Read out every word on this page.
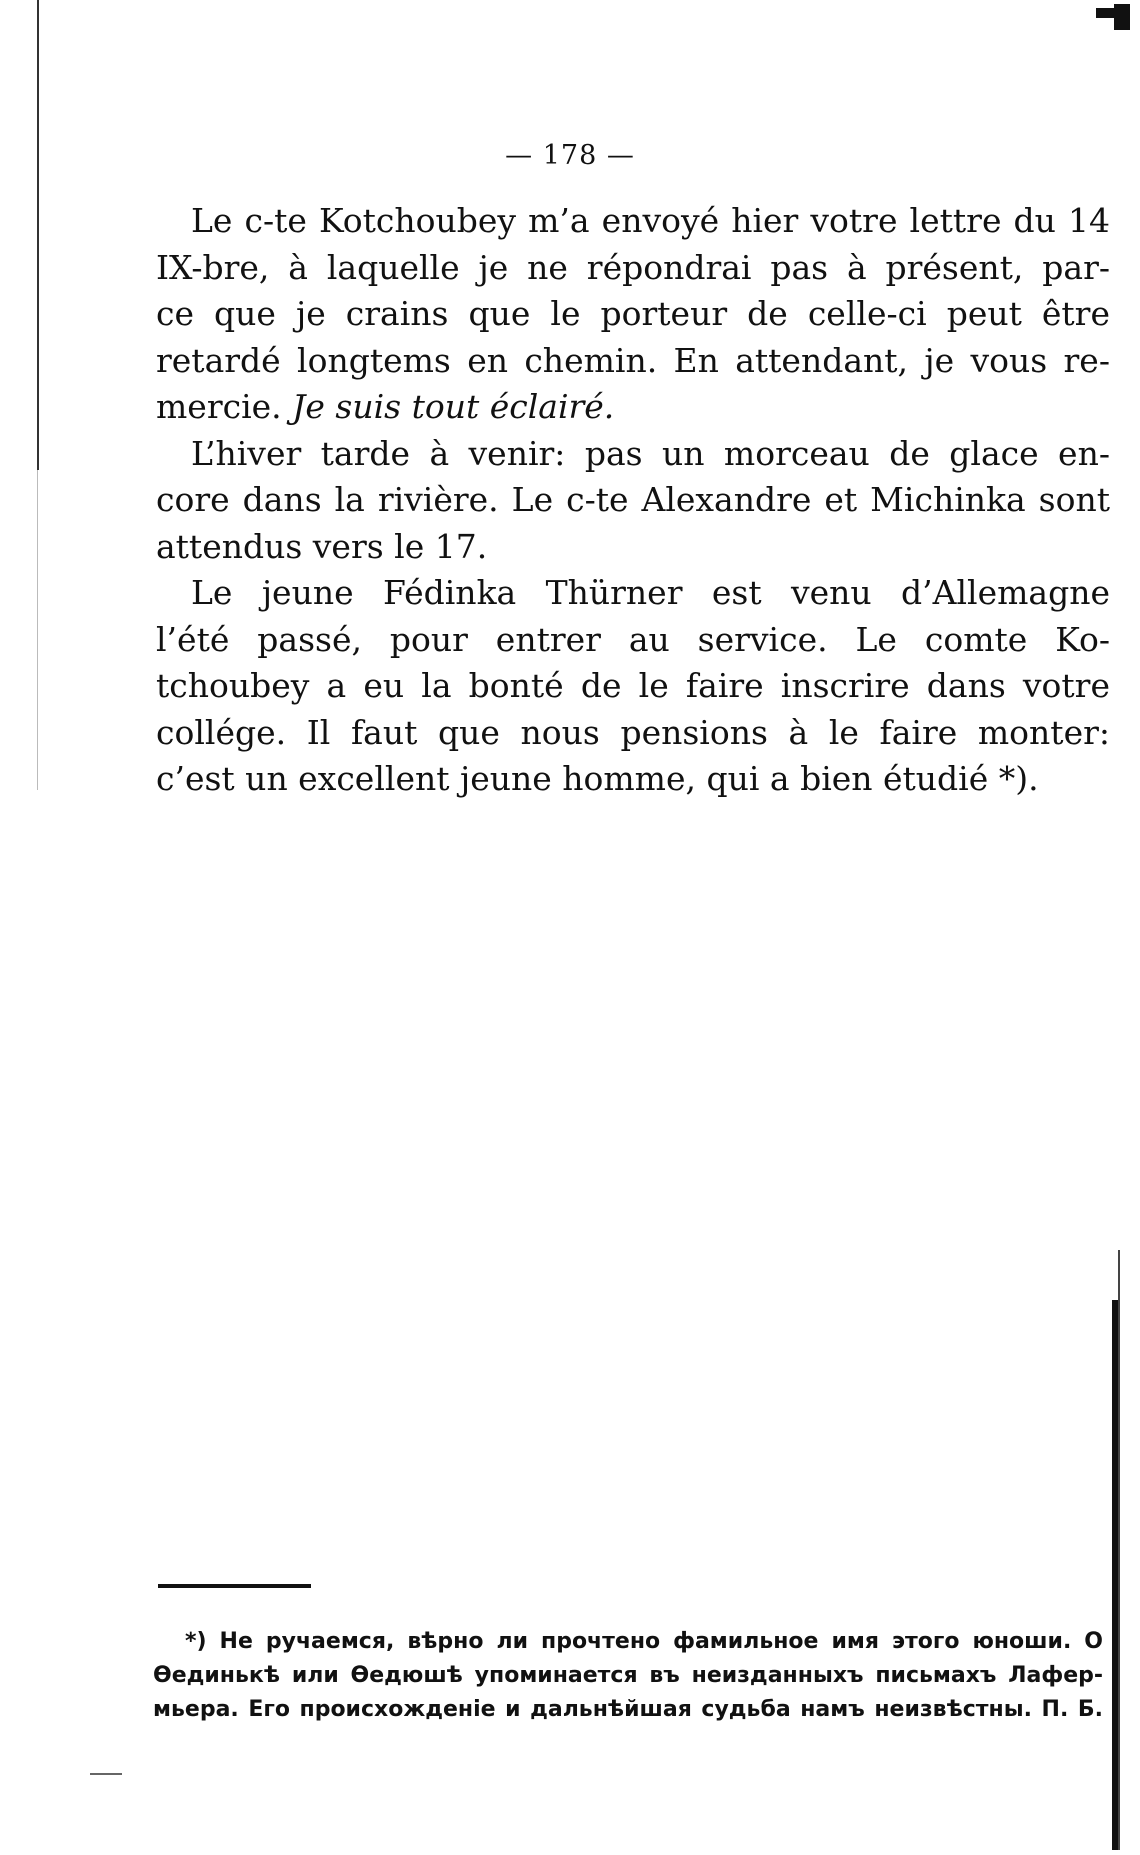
— 178 —
Le c-te Kotchoubey m’a envoyé hier votre lettre du 14
IX-bre, à laquelle je ne répondrai pas à présent, par-
ce que je crains que le porteur de celle-ci peut être
retardé longtems en chemin. En attendant, je vous re-
mercie. Je suis tout éclairé.
L’hiver tarde à venir: pas un morceau de glace en-
core dans la rivière. Le c-te Alexandre et Michinka sont
attendus vers le 17.
Le jeune Fédinka Thürner est venu d’Allemagne
l’été passé, pour entrer au service. Le comte Ko-
tchoubey a eu la bonté de le faire inscrire dans votre
collége. Il faut que nous pensions à le faire monter:
c’est un excellent jeune homme, qui a bien étudié *).
*) Не ручаемся, вѣрно ли прочтено фамильное имя этого юноши. О
Ѳединькѣ или Ѳедюшѣ упоминается въ неизданныхъ письмахъ Лафер-
мьера. Его происхожденіе и дальнѣйшая судьба намъ неизвѣстны. П. Б.
